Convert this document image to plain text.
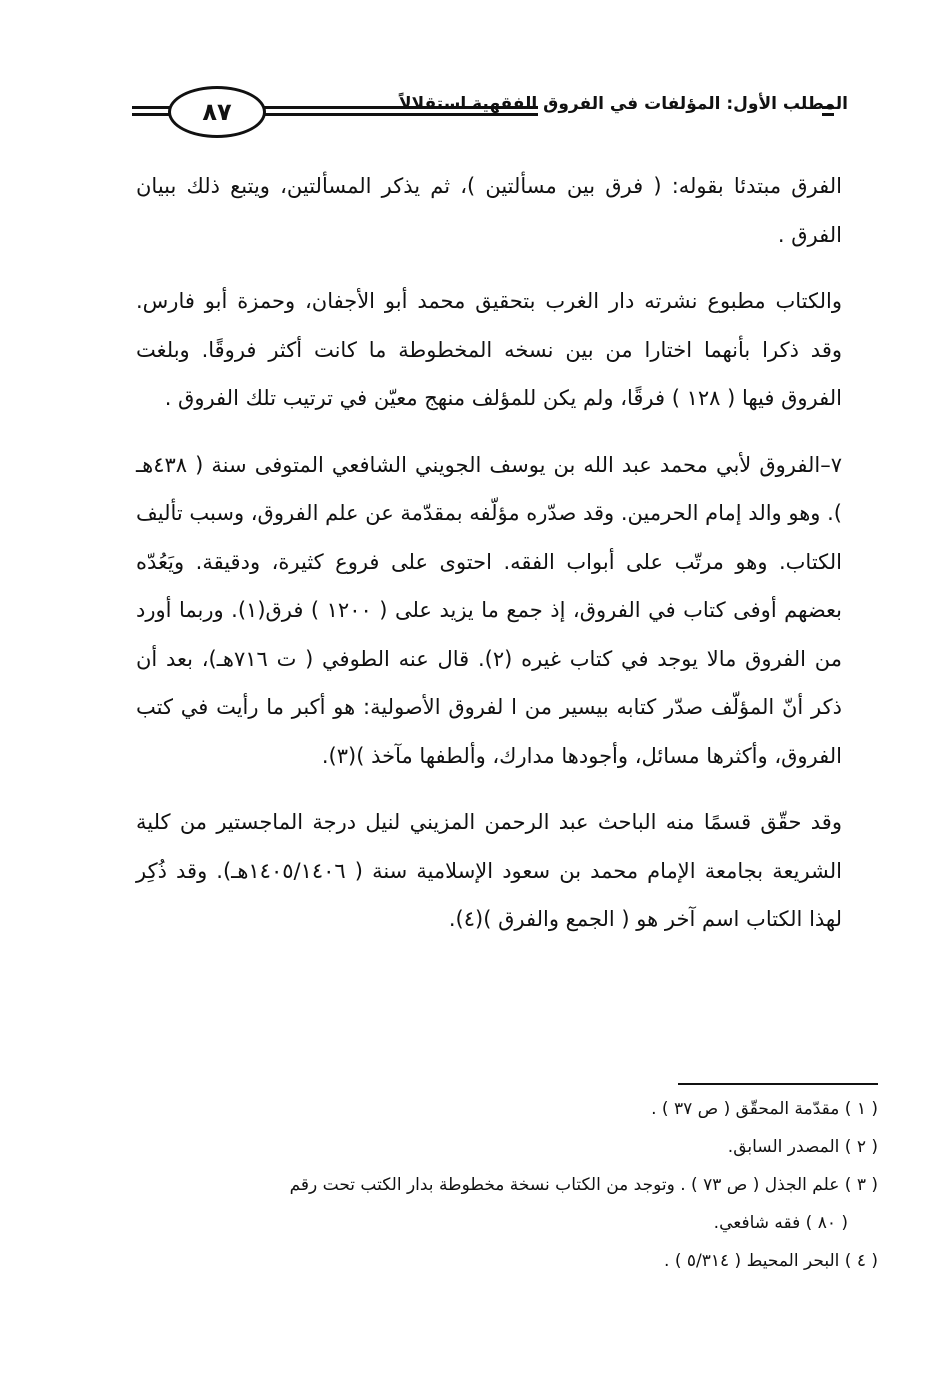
٨٧	المطلب الأول: المؤلفات في الفروق الفقهية استقلالاً

الفرق مبتدئا بقوله: ( فرق بين مسألتين )، ثم يذكر المسألتين، ويتبع ذلك ببيان الفرق .

والكتاب مطبوع نشرته دار الغرب بتحقيق محمد أبو الأجفان، وحمزة أبو فارس. وقد ذكرا بأنهما اختارا من بين نسخه المخطوطة ما كانت أكثر فروقًا. وبلغت الفروق فيها ( ١٢٨ ) فرقًا، ولم يكن للمؤلف منهج معيّن في ترتيب تلك الفروق .

٧–الفروق لأبي محمد عبد الله بن يوسف الجويني الشافعي المتوفى سنة ( ٤٣٨هـ ). وهو والد إمام الحرمين. وقد صدّره مؤلّفه بمقدّمة عن علم الفروق، وسبب تأليف الكتاب. وهو مرتّب على أبواب الفقه. احتوى على فروع كثيرة، ودقيقة. ويَعُدّه بعضهم أوفى كتاب في الفروق، إذ جمع ما يزيد على ( ١٢٠٠ ) فرق(١). وربما أورد من الفروق مالا يوجد في كتاب غيره (٢). قال عنه الطوفي ( ت ٧١٦هـ)، بعد أن ذكر أنّ المؤلّف صدّر كتابه بيسير من ا لفروق الأصولية: هو أكبر ما رأيت في كتب الفروق، وأكثرها مسائل، وأجودها مدارك، وألطفها مآخذ )(٣).

وقد حقّق قسمًا منه الباحث عبد الرحمن المزيني لنيل درجة الماجستير من كلية الشريعة بجامعة الإمام محمد بن سعود الإسلامية سنة ( ١٤٠٥/١٤٠٦هـ). وقد ذُكِر لهذا الكتاب اسم آخر هو ( الجمع والفرق )(٤).

( ١ ) مقدّمة المحقّق ( ص ٣٧ ) .

( ٢ ) المصدر السابق.

( ٣ ) علم الجذل ( ص ٧٣ ) . وتوجد من الكتاب نسخة مخطوطة بدار الكتب تحت رقم

( ٨٠ ) فقه شافعي.

( ٤ ) البحر المحيط ( ٥/٣١٤ ) .
